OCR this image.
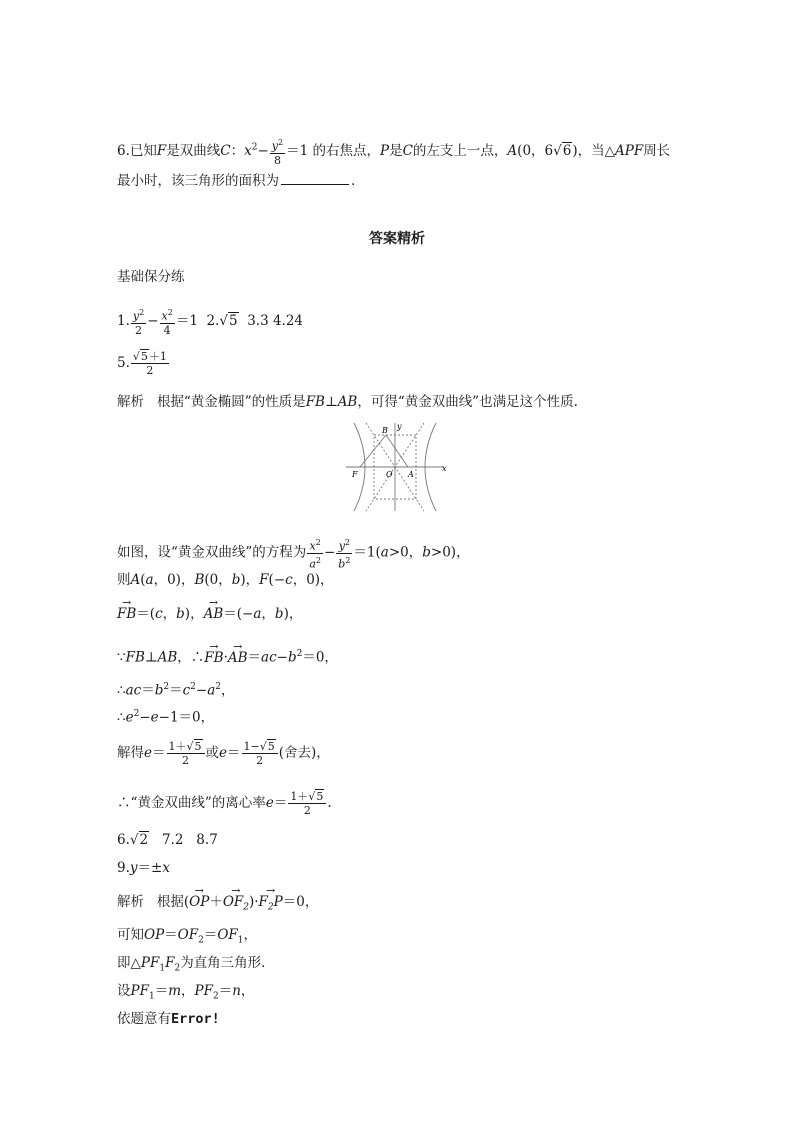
6.已知F是双曲线C：$x^2- \frac{y^2}{8} =1$ 的右焦点，P是C的左支上一点，A(0，6√6)，当△APF周长
最小时，该三角形的面积为	.
答案精析
基础保分练
1. $\frac{y^2}{2} - \frac{x^2}{4} =1$ 2.√5 3.3 4.24
5. $\frac{√5+1}{2}$
解析 根据“黄金椭圆”的性质是FB⊥AB，可得“黄金双曲线”也满足这个性质.
x
y
B
O
F	A
如图，设“黄金双曲线”的方程为 $\frac{x^2}{a^2} - \frac{y^2}{b^2} =1(a>0$，b>0)，
则A(a，0)，B(0，b)，F(−c，0)，
→ FB＝(c，b)，→ AB＝(−a，b)，
∵FB⊥AB，∴→ $FB\cdot\to AB=ac-b^2=0$，
$\therefore ac=b^2=c^2-a^2$，
$\therefore e^2-e-1=0$，
解得$e= \frac{1+√5}{2}$ 或$e= \frac{1-√5}{2}$ (舍去)，
∴“黄金双曲线”的离心率$e= \frac{1+√5}{2}$ .
6.√2   7.2   8.7
9.y＝±x
解析 根据(→ $OP+\to OF_2)\cdot\to F_2P=0$，
可知$OP=OF_2=OF_1$，
即$\triangle PF_1F_2$为直角三角形.
设$PF_1=m$，$PF_2=n$，
依题意有Error!
